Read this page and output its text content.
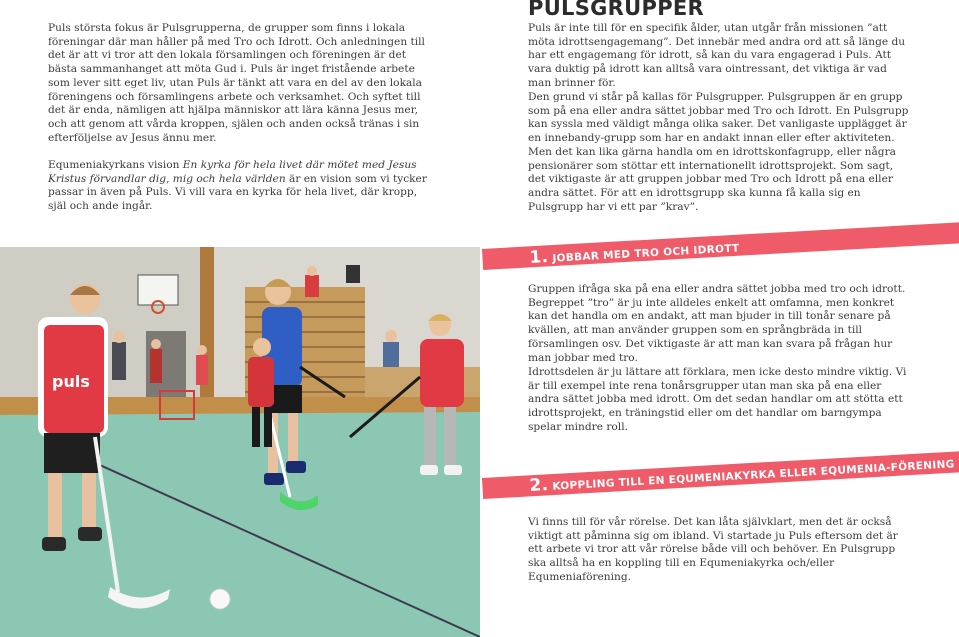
Puls största fokus är Pulsgrupperna, de grupper som finns i lokala föreningar där man håller på med Tro och Idrott. Och anledningen till det är att vi tror att den lokala församlingen och föreningen är det bästa sammanhanget att möta Gud i. Puls är inget fristående arbete som lever sitt eget liv, utan Puls är tänkt att vara en del av den lokala föreningens och församlingens arbete och verksamhet. Och syftet till det är enda, nämligen att hjälpa människor att lära känna Jesus mer, och att genom att vårda kroppen, själen och anden också tränas i sin efterföljelse av Jesus ännu mer.

Equmeniakyrkans vision En kyrka för hela livet där mötet med Jesus Kristus förvandlar dig, mig och hela världen är en vision som vi tycker passar in även på Puls. Vi vill vara en kyrka för hela livet, där kropp, själ och ande ingår.

PULSGRUPPER

Puls är inte till för en specifik ålder, utan utgår från missionen ”att möta idrottsengagemang”. Det innebär med andra ord att så länge du har ett engagemang för idrott, så kan du vara engagerad i Puls. Att vara duktig på idrott kan alltså vara ointressant, det viktiga är vad man brinner för.

Den grund vi står på kallas för Pulsgrupper. Pulsgruppen är en grupp som på ena eller andra sättet jobbar med Tro och Idrott. En Pulsgrupp kan syssla med väldigt många olika saker. Det vanligaste upplägget är en innebandy-grupp som har en andakt innan eller efter aktiviteten. Men det kan lika gärna handla om en idrottskonfagrupp, eller några pensionärer som stöttar ett internationellt idrottsprojekt. Som sagt, det viktigaste är att gruppen jobbar med Tro och Idrott på ena eller andra sättet. För att en idrottsgrupp ska kunna få kalla sig en Pulsgrupp har vi ett par ”krav”.

1. JOBBAR MED TRO OCH IDROTT

Gruppen ifråga ska på ena eller andra sättet jobba med tro och idrott. Begreppet ”tro” är ju inte alldeles enkelt att omfamna, men konkret kan det handla om en andakt, att man bjuder in till tonår senare på kvällen, att man använder gruppen som en språngbräda in till församlingen osv. Det viktigaste är att man kan svara på frågan hur man jobbar med tro.

Idrottsdelen är ju lättare att förklara, men icke desto mindre viktig. Vi är till exempel inte rena tonårsgrupper utan man ska på ena eller andra sättet jobba med idrott. Om det sedan handlar om att stötta ett idrottsprojekt, en träningstid eller om det handlar om barngympa spelar mindre roll.

2. KOPPLING TILL EN EQUMENIAKYRKA ELLER EQUMENIA-FÖRENING

Vi finns till för vår rörelse. Det kan låta självklart, men det är också viktigt att påminna sig om ibland. Vi startade ju Puls eftersom det är ett arbete vi tror att vår rörelse både vill och behöver. En Pulsgrupp ska alltså ha en koppling till en Equmeniakyrka och/eller Equmeniaförening.

puls
